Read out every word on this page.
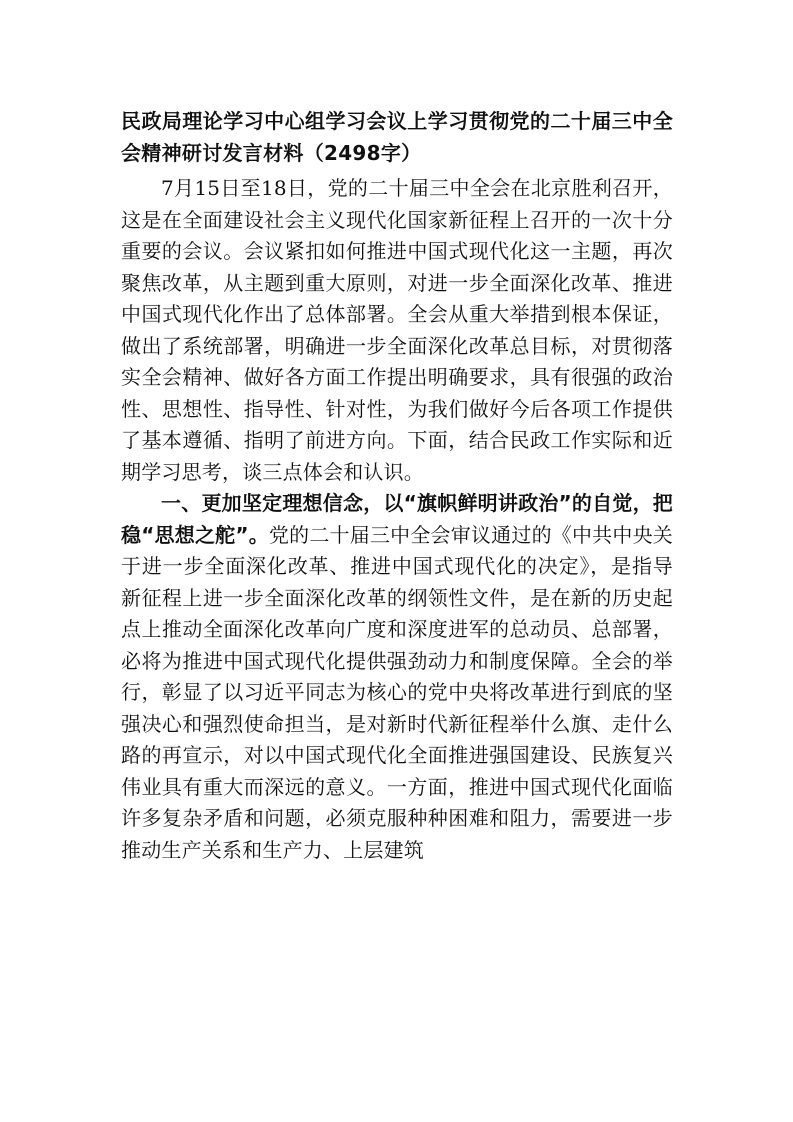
民政局理论学习中心组学习会议上学习贯彻党的二十届三中全会精神研讨发言材料（2498字）

7月15日至18日，党的二十届三中全会在北京胜利召开，这是在全面建设社会主义现代化国家新征程上召开的一次十分重要的会议。会议紧扣如何推进中国式现代化这一主题，再次聚焦改革，从主题到重大原则，对进一步全面深化改革、推进中国式现代化作出了总体部署。全会从重大举措到根本保证，做出了系统部署，明确进一步全面深化改革总目标，对贯彻落实全会精神、做好各方面工作提出明确要求，具有很强的政治性、思想性、指导性、针对性，为我们做好今后各项工作提供了基本遵循、指明了前进方向。下面，结合民政工作实际和近期学习思考，谈三点体会和认识。

一、更加坚定理想信念，以“旗帜鲜明讲政治”的自觉，把稳“思想之舵”。党的二十届三中全会审议通过的《中共中央关于进一步全面深化改革、推进中国式现代化的决定》，是指导新征程上进一步全面深化改革的纲领性文件，是在新的历史起点上推动全面深化改革向广度和深度进军的总动员、总部署，必将为推进中国式现代化提供强劲动力和制度保障。全会的举行，彰显了以习近平同志为核心的党中央将改革进行到底的坚强决心和强烈使命担当，是对新时代新征程举什么旗、走什么路的再宣示，对以中国式现代化全面推进强国建设、民族复兴伟业具有重大而深远的意义。一方面，推进中国式现代化面临许多复杂矛盾和问题，必须克服种种困难和阻力，需要进一步推动生产关系和生产力、上层建筑
